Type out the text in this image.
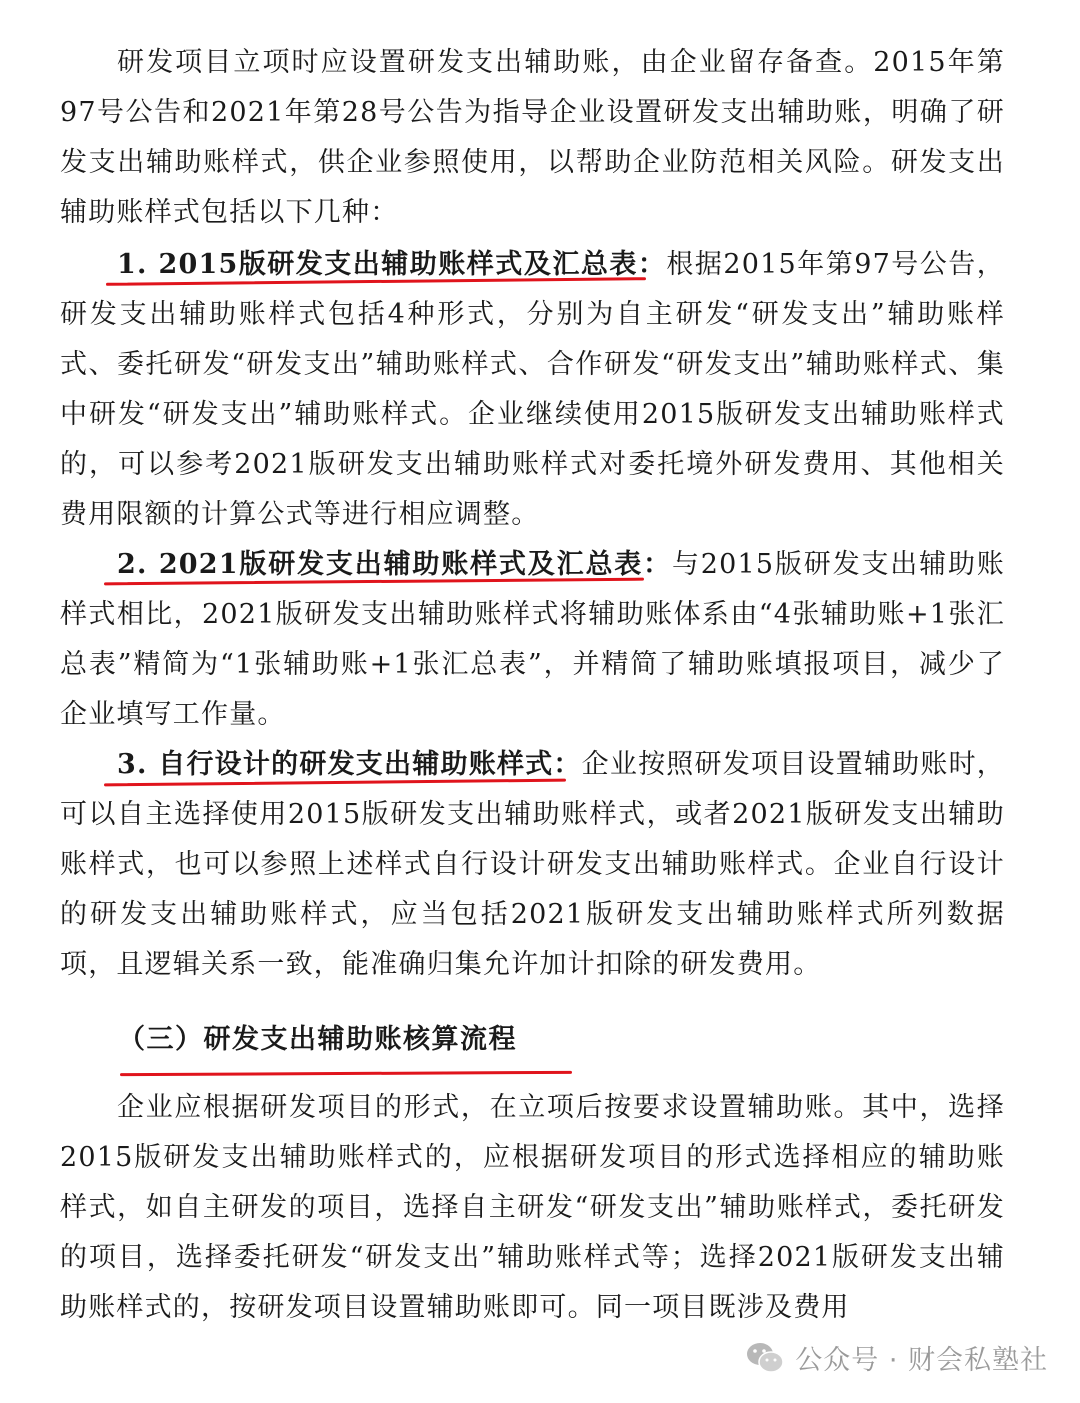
研发项目立项时应设置研发支出辅助账，由企业留存备查。2015年第97号公告和2021年第28号公告为指导企业设置研发支出辅助账，明确了研发支出辅助账样式，供企业参照使用，以帮助企业防范相关风险。研发支出辅助账样式包括以下几种：

1. 2015版研发支出辅助账样式及汇总表：根据2015年第97号公告，研发支出辅助账样式包括4种形式，分别为自主研发“研发支出”辅助账样式、委托研发“研发支出”辅助账样式、合作研发“研发支出”辅助账样式、集中研发“研发支出”辅助账样式。企业继续使用2015版研发支出辅助账样式的，可以参考2021版研发支出辅助账样式对委托境外研发费用、其他相关费用限额的计算公式等进行相应调整。

2. 2021版研发支出辅助账样式及汇总表：与2015版研发支出辅助账样式相比，2021版研发支出辅助账样式将辅助账体系由“4张辅助账+1张汇总表”精简为“1张辅助账+1张汇总表”，并精简了辅助账填报项目，减少了企业填写工作量。

3. 自行设计的研发支出辅助账样式：企业按照研发项目设置辅助账时，可以自主选择使用2015版研发支出辅助账样式，或者2021版研发支出辅助账样式，也可以参照上述样式自行设计研发支出辅助账样式。企业自行设计的研发支出辅助账样式，应当包括2021版研发支出辅助账样式所列数据项，且逻辑关系一致，能准确归集允许加计扣除的研发费用。

（三）研发支出辅助账核算流程

企业应根据研发项目的形式，在立项后按要求设置辅助账。其中，选择2015版研发支出辅助账样式的，应根据研发项目的形式选择相应的辅助账样式，如自主研发的项目，选择自主研发“研发支出”辅助账样式，委托研发的项目，选择委托研发“研发支出”辅助账样式等；选择2021版研发支出辅助账样式的，按研发项目设置辅助账即可。同一项目既涉及费用

公众号 · 财会私塾社
